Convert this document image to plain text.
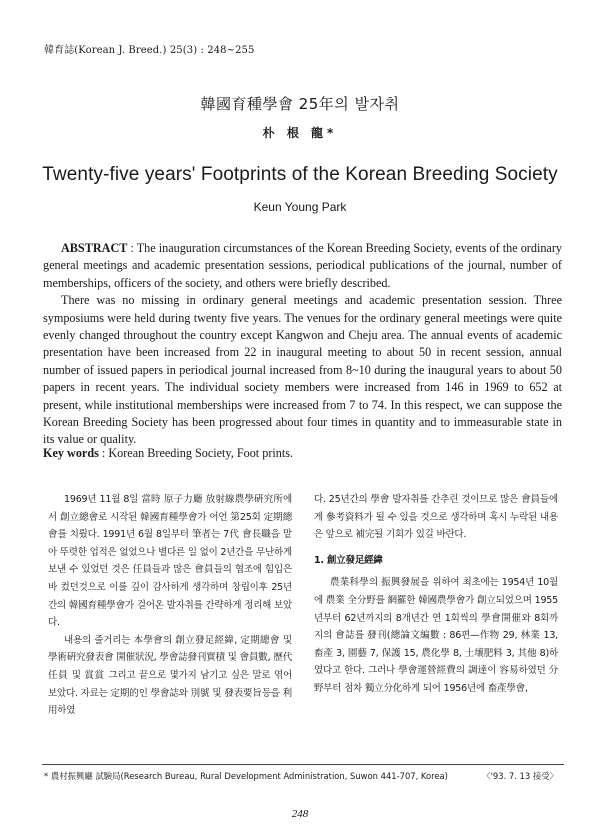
韓育誌(Korean J. Breed.) 25(3) : 248~255
韓國育種學會 25年의 발자취
朴 根 龍*
Twenty-five years' Footprints of the Korean Breeding Society
Keun Young Park

ABSTRACT : The inauguration circumstances of the Korean Breeding Society, events of the ordinary general meetings and academic presentation sessions, periodical publications of the journal, number of memberships, officers of the society, and others were briefly described.

There was no missing in ordinary general meetings and academic presentation session. Three symposiums were held during twenty five years. The venues for the ordinary general meetings were quite evenly changed throughout the country except Kangwon and Cheju area. The annual events of academic presentation have been increased from 22 in inaugural meeting to about 50 in recent session, annual number of issued papers in periodical journal increased from 8~10 during the inaugural years to about 50 papers in recent years. The individual society members were increased from 146 in 1969 to 652 at present, while institutional memberships were increased from 7 to 74. In this respect, we can suppose the Korean Breeding Society has been progressed about four times in quantity and to immeasurable state in its value or quality.

Key words : Korean Breeding Society, Foot prints.

1969년 11월 8일 當時 原子力廳 放射線農學硏究所에서 創立總會로 시작된 韓國育種學會가 어언 第25회 定期總會를 치뤘다. 1991년 6월 8일부터 筆者는 7代 會長職을 맡아 뚜렷한 업적은 없었으나 별다른 일 없이 2년간을 무난하게 보낸 수 있었던 것은 任員들과 많은 會員들의 협조에 힘입은바 컸던것으로 이를 깊이 감사하게 생각하며 창립이후 25년간의 韓國育種學會가 걸어온 발자취를 간략하게 정리해 보았다.

내용의 줄거리는 本學會의 創立發足經緯, 定期總會 및 學術硏究發表會 開催狀況, 學會誌發刊實積 및 會員數, 歷代任員 및 賞賞 그리고 끝으로 몇가지 남기고 싶은 말로 엮어 보았다. 자료는 定期的인 學會誌와 別號 및 發表要旨등을 利用하였

다. 25년간의 學會 발자취를 간추린 것이므로 많은 會員들에게 參考資料가 될 수 있을 것으로 생각하며 혹시 누락된 내용은 앞으로 補完될 기회가 있길 바란다.

1. 創立發足經緯

農業科學의 振興發展을 위하여 최초에는 1954년 10월에 農業 全分野를 網羅한 韓國農學會가 創立되었으며 1955년부터 62년까지의 8개년간 연 1회씩의 學會開催와 8회까지의 會誌를 發刊(總論文編數 : 86편—作物 29, 林業 13, 畜產 3, 園藝 7, 保護 15, 農化學 8, 土壤肥料 3, 其他 8)하였다고 한다. 그러나 學會運營經費의 調達이 容易하였던 分野부터 점차 獨立分化하게 되어 1956년에 畜產學會,

* 農村振興廳 試驗局(Research Bureau, Rural Development Administration, Suwon 441-707, Korea)	〈'93. 7. 13 接受〉
248
